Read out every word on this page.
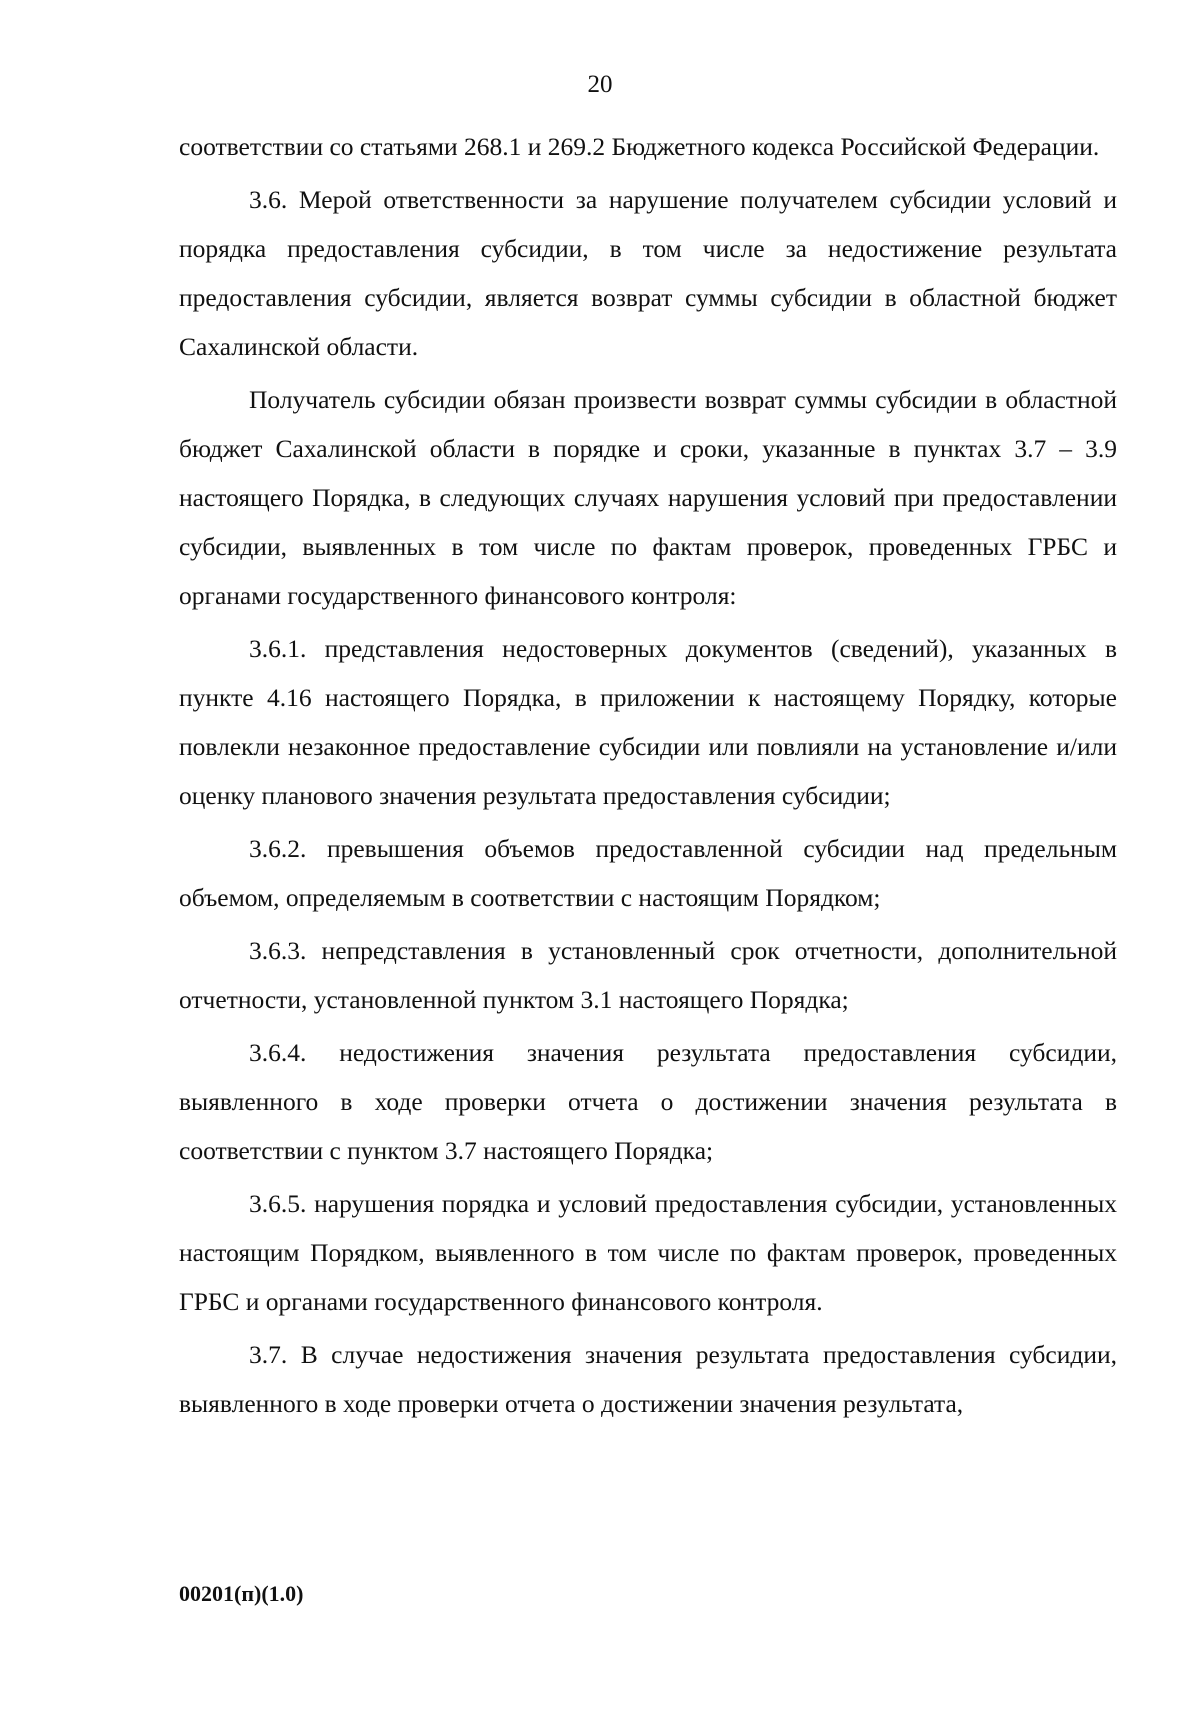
20

соответствии со статьями 268.1 и 269.2 Бюджетного кодекса Российской Федерации.

3.6. Мерой ответственности за нарушение получателем субсидии условий и порядка предоставления субсидии, в том числе за недостижение результата предоставления субсидии, является возврат суммы субсидии в областной бюджет Сахалинской области.

Получатель субсидии обязан произвести возврат суммы субсидии в областной бюджет Сахалинской области в порядке и сроки, указанные в пунктах 3.7 – 3.9 настоящего Порядка, в следующих случаях нарушения условий при предоставлении субсидии, выявленных в том числе по фактам проверок, проведенных ГРБС и органами государственного финансового контроля:

3.6.1. представления недостоверных документов (сведений), указанных в пункте 4.16 настоящего Порядка, в приложении к настоящему Порядку, которые повлекли незаконное предоставление субсидии или повлияли на установление и/или оценку планового значения результата предоставления субсидии;

3.6.2. превышения объемов предоставленной субсидии над предельным объемом, определяемым в соответствии с настоящим Порядком;

3.6.3. непредставления в установленный срок отчетности, дополнительной отчетности, установленной пунктом 3.1 настоящего Порядка;

3.6.4. недостижения значения результата предоставления субсидии, выявленного в ходе проверки отчета о достижении значения результата в соответствии с пунктом 3.7 настоящего Порядка;

3.6.5. нарушения порядка и условий предоставления субсидии, установленных настоящим Порядком, выявленного в том числе по фактам проверок, проведенных ГРБС и органами государственного финансового контроля.

3.7. В случае недостижения значения результата предоставления субсидии, выявленного в ходе проверки отчета о достижении значения результата,

00201(п)(1.0)
